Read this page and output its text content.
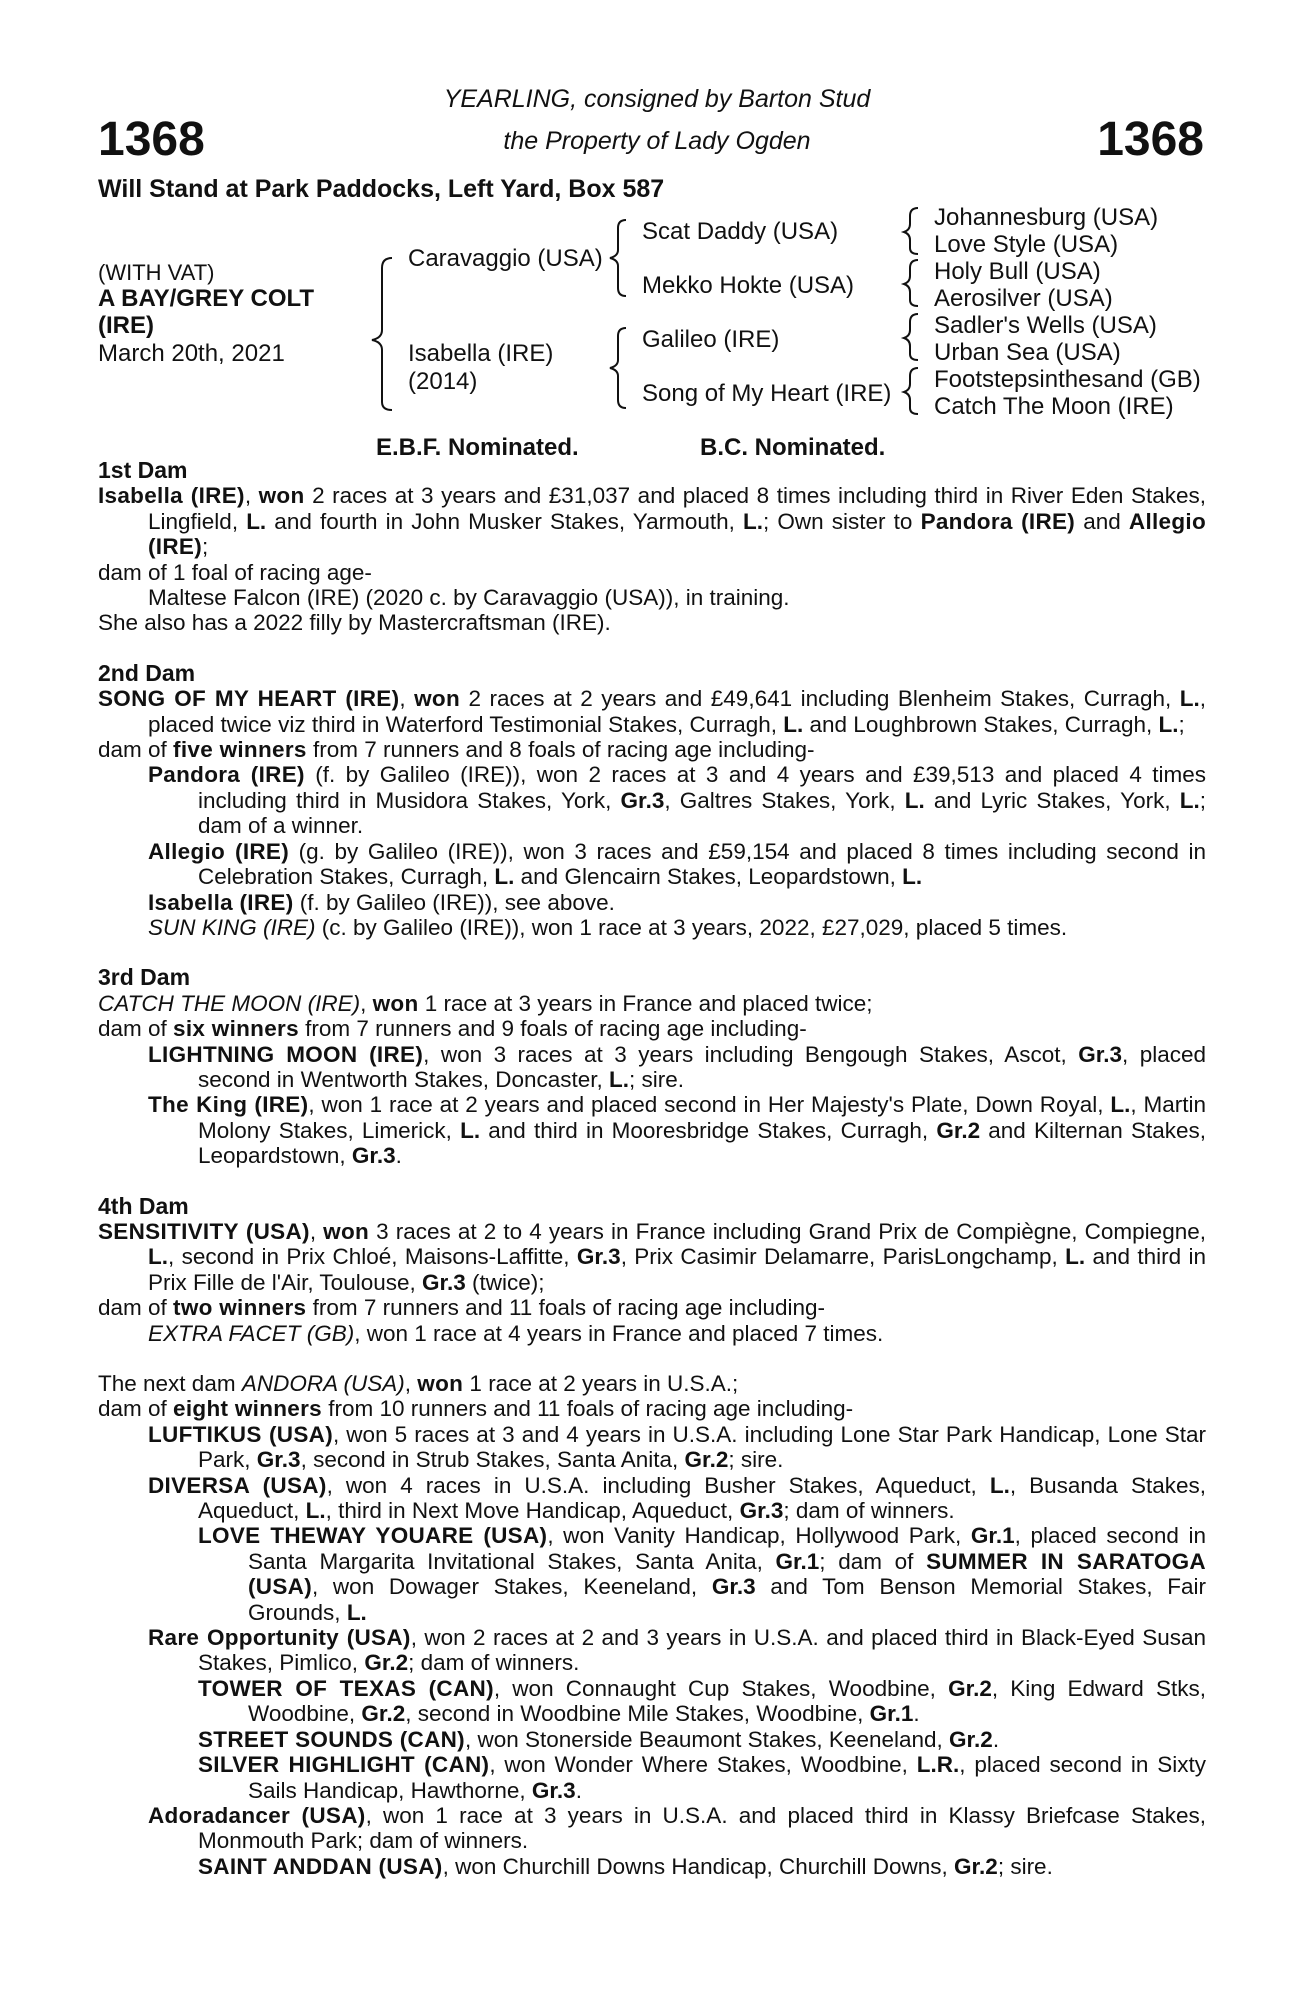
1368	1368
YEARLING, consigned by Barton Stud
the Property of Lady Ogden
Will Stand at Park Paddocks, Left Yard, Box 587
(WITH VAT)
A BAY/GREY COLT
(IRE)
March 20th, 2021
Caravaggio (USA)
Isabella (IRE)
(2014)
Scat Daddy (USA)
Mekko Hokte (USA)
Galileo (IRE)
Song of My Heart (IRE)
Johannesburg (USA)
Love Style (USA)
Holy Bull (USA)
Aerosilver (USA)
Sadler's Wells (USA)
Urban Sea (USA)
Footstepsinthesand (GB)
Catch The Moon (IRE)
E.B.F. Nominated.	B.C. Nominated.
1st Dam

Isabella (IRE), won 2 races at 3 years and £31,037 and placed 8 times including third in River Eden Stakes, Lingfield, L. and fourth in John Musker Stakes, Yarmouth, L.; Own sister to Pandora (IRE) and Allegio (IRE);

dam of 1 foal of racing age-

Maltese Falcon (IRE) (2020 c. by Caravaggio (USA)), in training.

She also has a 2022 filly by Mastercraftsman (IRE).

2nd Dam

SONG OF MY HEART (IRE), won 2 races at 2 years and £49,641 including Blenheim Stakes, Curragh, L., placed twice viz third in Waterford Testimonial Stakes, Curragh, L. and Loughbrown Stakes, Curragh, L.;

dam of five winners from 7 runners and 8 foals of racing age including-

Pandora (IRE) (f. by Galileo (IRE)), won 2 races at 3 and 4 years and £39,513 and placed 4 times including third in Musidora Stakes, York, Gr.3, Galtres Stakes, York, L. and Lyric Stakes, York, L.; dam of a winner.

Allegio (IRE) (g. by Galileo (IRE)), won 3 races and £59,154 and placed 8 times including second in Celebration Stakes, Curragh, L. and Glencairn Stakes, Leopardstown, L.

Isabella (IRE) (f. by Galileo (IRE)), see above.

SUN KING (IRE) (c. by Galileo (IRE)), won 1 race at 3 years, 2022, £27,029, placed 5 times.

3rd Dam

CATCH THE MOON (IRE), won 1 race at 3 years in France and placed twice;

dam of six winners from 7 runners and 9 foals of racing age including-

LIGHTNING MOON (IRE), won 3 races at 3 years including Bengough Stakes, Ascot, Gr.3, placed second in Wentworth Stakes, Doncaster, L.; sire.

The King (IRE), won 1 race at 2 years and placed second in Her Majesty's Plate, Down Royal, L., Martin Molony Stakes, Limerick, L. and third in Mooresbridge Stakes, Curragh, Gr.2 and Kilternan Stakes, Leopardstown, Gr.3.

4th Dam

SENSITIVITY (USA), won 3 races at 2 to 4 years in France including Grand Prix de Compiègne, Compiegne, L., second in Prix Chloé, Maisons-Laffitte, Gr.3, Prix Casimir Delamarre, ParisLongchamp, L. and third in Prix Fille de l'Air, Toulouse, Gr.3 (twice);

dam of two winners from 7 runners and 11 foals of racing age including-

EXTRA FACET (GB), won 1 race at 4 years in France and placed 7 times.

The next dam ANDORA (USA), won 1 race at 2 years in U.S.A.;

dam of eight winners from 10 runners and 11 foals of racing age including-

LUFTIKUS (USA), won 5 races at 3 and 4 years in U.S.A. including Lone Star Park Handicap, Lone Star Park, Gr.3, second in Strub Stakes, Santa Anita, Gr.2; sire.

DIVERSA (USA), won 4 races in U.S.A. including Busher Stakes, Aqueduct, L., Busanda Stakes, Aqueduct, L., third in Next Move Handicap, Aqueduct, Gr.3; dam of winners.

LOVE THEWAY YOUARE (USA), won Vanity Handicap, Hollywood Park, Gr.1, placed second in Santa Margarita Invitational Stakes, Santa Anita, Gr.1; dam of SUMMER IN SARATOGA (USA), won Dowager Stakes, Keeneland, Gr.3 and Tom Benson Memorial Stakes, Fair Grounds, L.

Rare Opportunity (USA), won 2 races at 2 and 3 years in U.S.A. and placed third in Black-Eyed Susan Stakes, Pimlico, Gr.2; dam of winners.

TOWER OF TEXAS (CAN), won Connaught Cup Stakes, Woodbine, Gr.2, King Edward Stks, Woodbine, Gr.2, second in Woodbine Mile Stakes, Woodbine, Gr.1.

STREET SOUNDS (CAN), won Stonerside Beaumont Stakes, Keeneland, Gr.2.

SILVER HIGHLIGHT (CAN), won Wonder Where Stakes, Woodbine, L.R., placed second in Sixty Sails Handicap, Hawthorne, Gr.3.

Adoradancer (USA), won 1 race at 3 years in U.S.A. and placed third in Klassy Briefcase Stakes, Monmouth Park; dam of winners.

SAINT ANDDAN (USA), won Churchill Downs Handicap, Churchill Downs, Gr.2; sire.
